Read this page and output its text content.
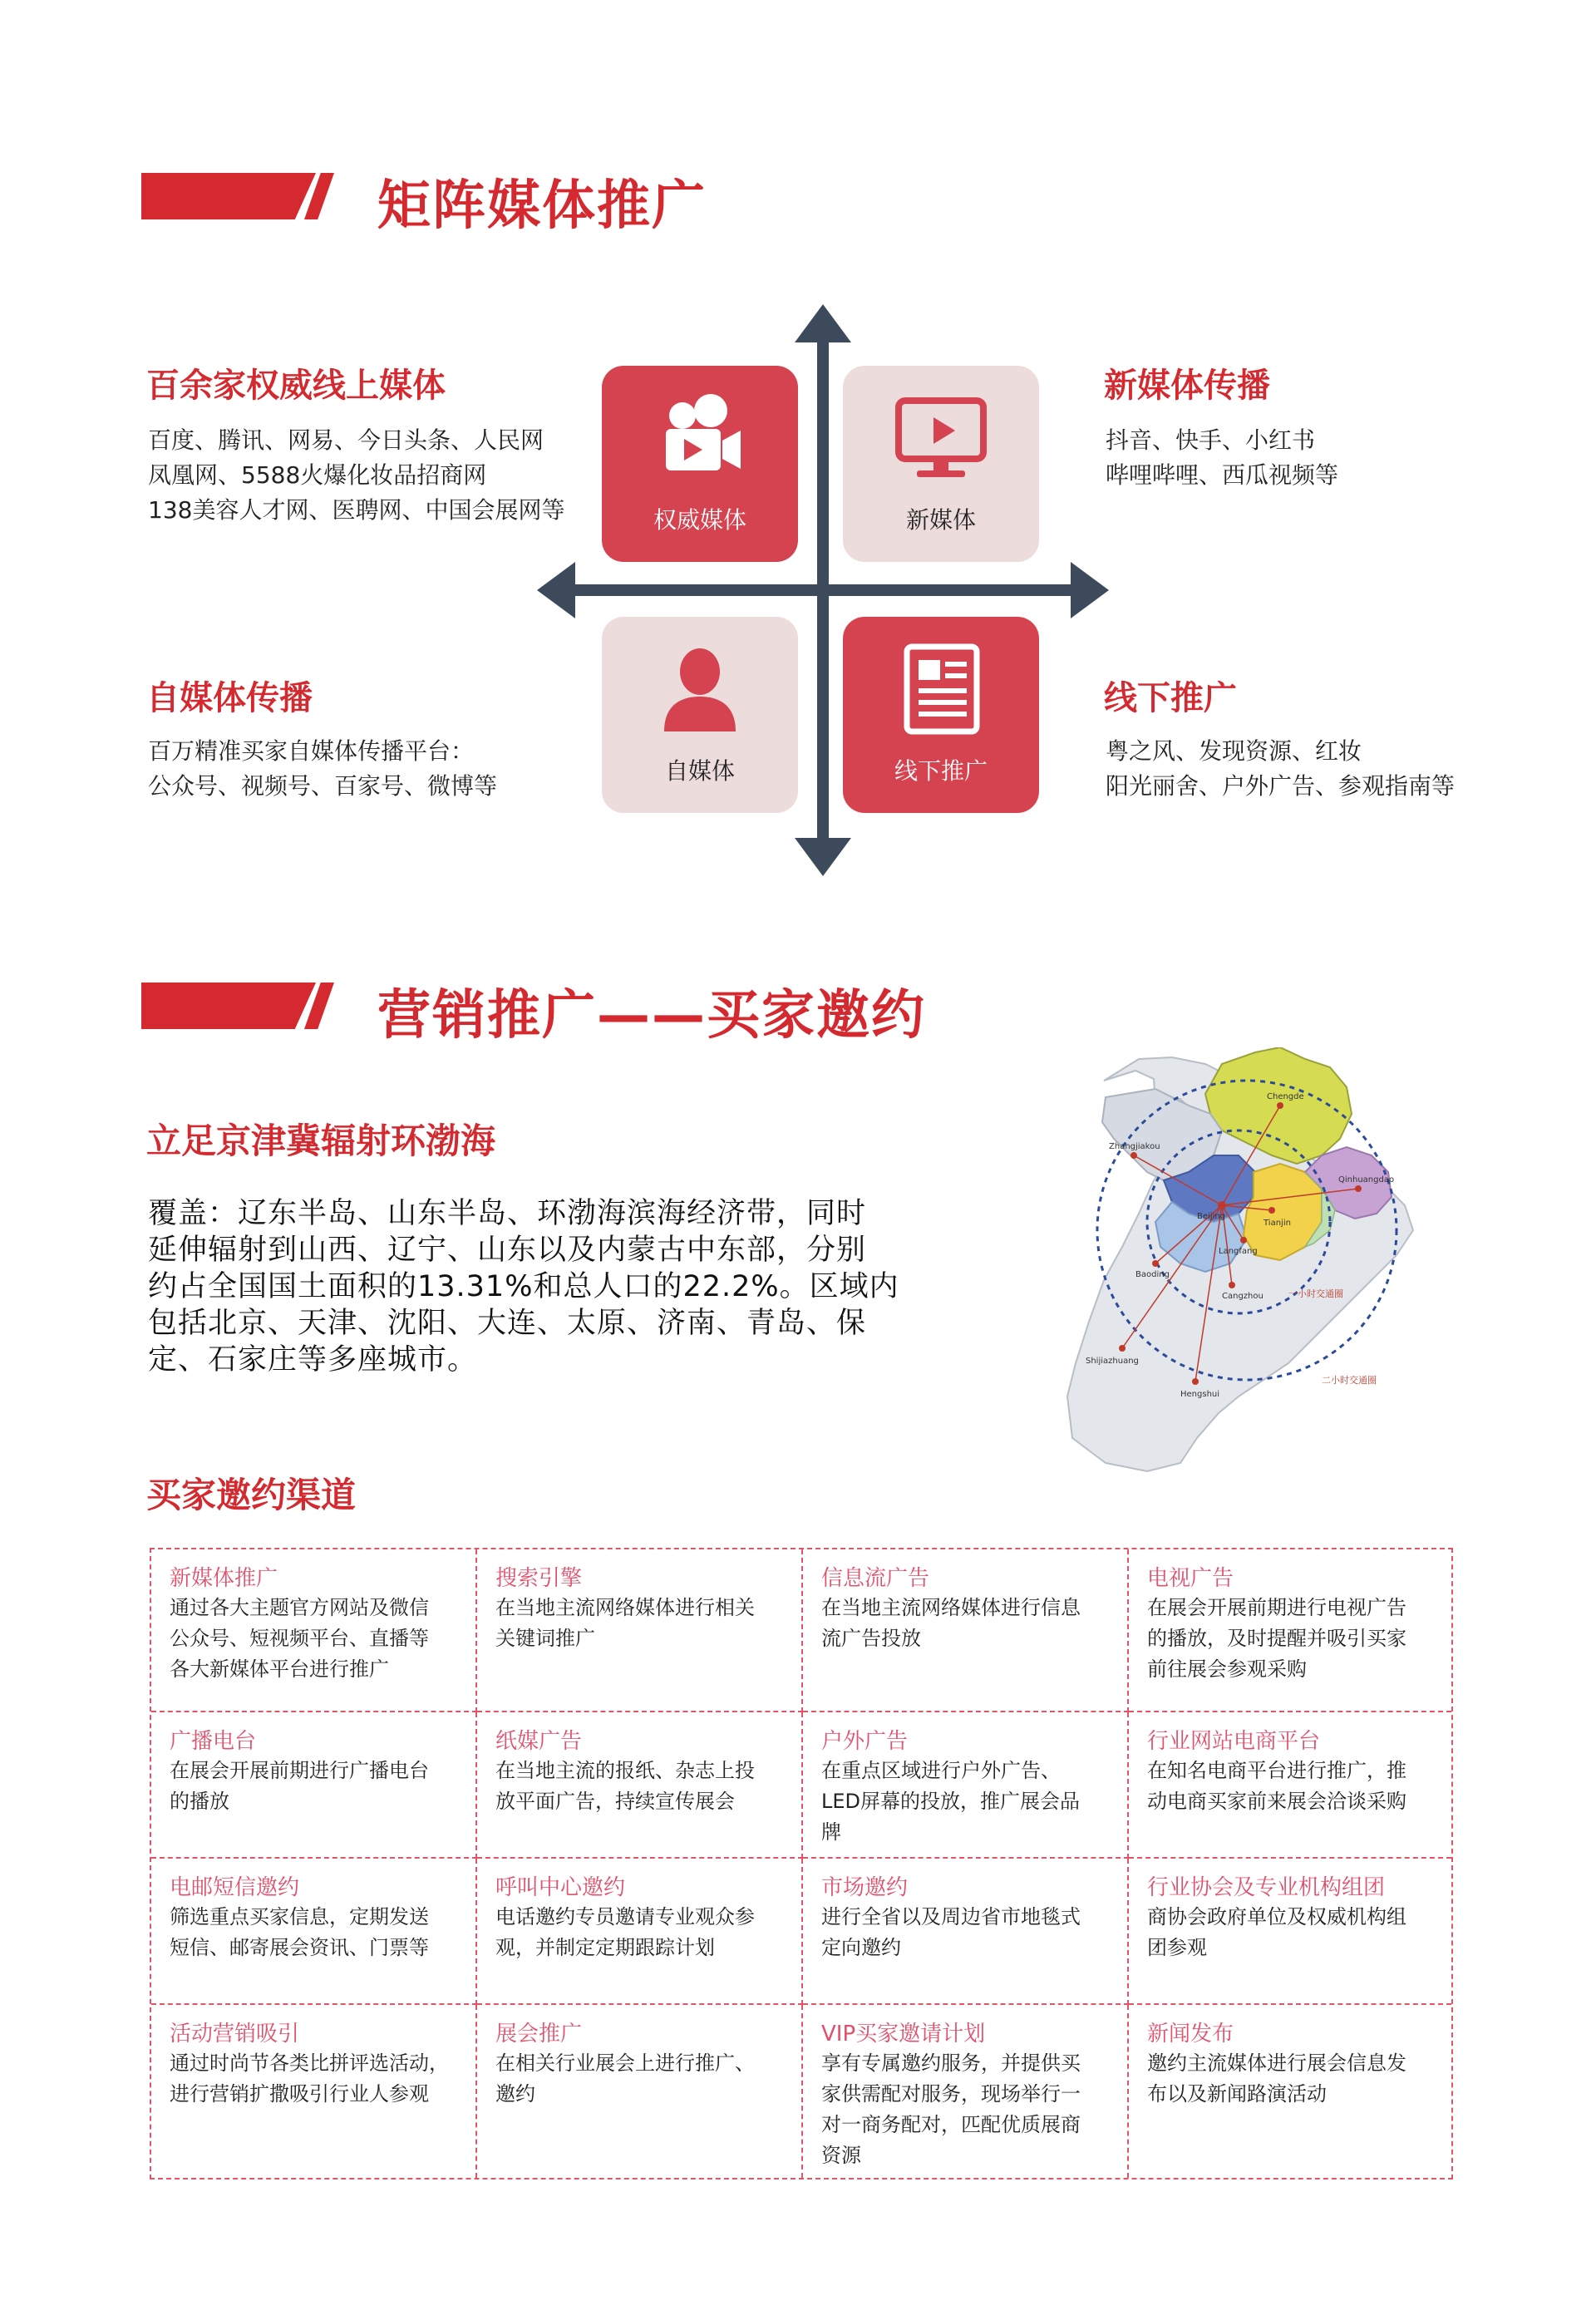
矩阵媒体推广
百余家权威线上媒体
百度、腾讯、网易、今日头条、人民网
凤凰网、5588火爆化妆品招商网
138美容人才网、医聘网、中国会展网等
新媒体传播
抖音、快手、小红书
哔哩哔哩、西瓜视频等
自媒体传播
百万精准买家自媒体传播平台：
公众号、视频号、百家号、微博等
线下推广
粤之风、发现资源、红妆
阳光丽舍、户外广告、参观指南等
权威媒体	新媒体
自媒体	线下推广
营销推广——买家邀约
立足京津冀辐射环渤海
覆盖：辽东半岛、山东半岛、环渤海滨海经济带，同时
延伸辐射到山西、辽宁、山东以及内蒙古中东部，分别
约占全国国土面积的13.31%和总人口的22.2%。区域内
包括北京、天津、沈阳、大连、太原、济南、青岛、保
定、石家庄等多座城市。
Chengde
Zhangjiakou
Beijing
Tianjin
Qinhuangdao
Baoding
Langfang
Cangzhou
Shijiazhuang
Hengshui
一小时交通圈
二小时交通圈
买家邀约渠道
新媒体推广
通过各大主题官方网站及微信
公众号、短视频平台、直播等
各大新媒体平台进行推广
搜索引擎
在当地主流网络媒体进行相关
关键词推广
信息流广告
在当地主流网络媒体进行信息
流广告投放
电视广告
在展会开展前期进行电视广告
的播放，及时提醒并吸引买家
前往展会参观采购
广播电台
在展会开展前期进行广播电台
的播放
纸媒广告
在当地主流的报纸、杂志上投
放平面广告，持续宣传展会
户外广告
在重点区域进行户外广告、
LED屏幕的投放，推广展会品
牌
行业网站电商平台
在知名电商平台进行推广，推
动电商买家前来展会洽谈采购
电邮短信邀约
筛选重点买家信息，定期发送
短信、邮寄展会资讯、门票等
呼叫中心邀约
电话邀约专员邀请专业观众参
观，并制定定期跟踪计划
市场邀约
进行全省以及周边省市地毯式
定向邀约
行业协会及专业机构组团
商协会政府单位及权威机构组
团参观
活动营销吸引
通过时尚节各类比拼评选活动，
进行营销扩撒吸引行业人参观
展会推广
在相关行业展会上进行推广、
邀约
VIP买家邀请计划
享有专属邀约服务，并提供买
家供需配对服务，现场举行一
对一商务配对，匹配优质展商
资源
新闻发布
邀约主流媒体进行展会信息发
布以及新闻路演活动
